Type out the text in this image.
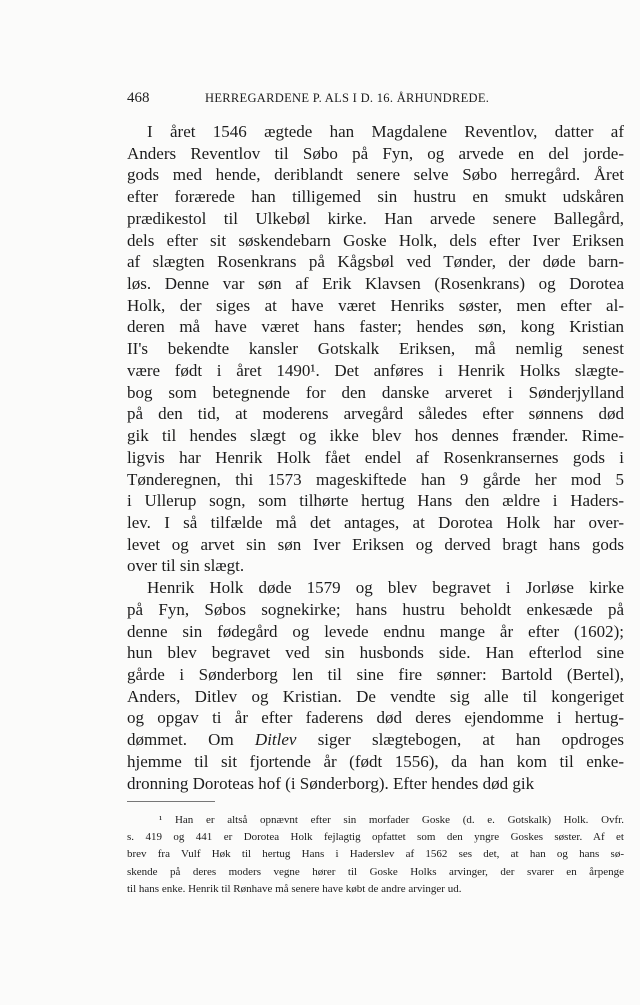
468	HERREGARDENE P. ALS I D. 16. ÅRHUNDREDE.
I året 1546 ægtede han Magdalene Reventlov, datter af
Anders Reventlov til Søbo på Fyn, og arvede en del jorde-
gods med hende, deriblandt senere selve Søbo herregård. Året
efter forærede han tilligemed sin hustru en smukt udskåren
prædikestol til Ulkebøl kirke. Han arvede senere Ballegård,
dels efter sit søskendebarn Goske Holk, dels efter Iver Eriksen
af slægten Rosenkrans på Kågsbøl ved Tønder, der døde barn-
løs. Denne var søn af Erik Klavsen (Rosenkrans) og Dorotea
Holk, der siges at have været Henriks søster, men efter al-
deren må have været hans faster; hendes søn, kong Kristian
II's bekendte kansler Gotskalk Eriksen, må nemlig senest
være født i året 1490¹. Det anføres i Henrik Holks slægte-
bog som betegnende for den danske arveret i Sønderjylland
på den tid, at moderens arvegård således efter sønnens død
gik til hendes slægt og ikke blev hos dennes frænder. Rime-
ligvis har Henrik Holk fået endel af Rosenkransernes gods i
Tønderegnen, thi 1573 mageskiftede han 9 gårde her mod 5
i Ullerup sogn, som tilhørte hertug Hans den ældre i Haders-
lev. I så tilfælde må det antages, at Dorotea Holk har over-
levet og arvet sin søn Iver Eriksen og derved bragt hans gods
over til sin slægt.
Henrik Holk døde 1579 og blev begravet i Jorløse kirke
på Fyn, Søbos sognekirke; hans hustru beholdt enkesæde på
denne sin fødegård og levede endnu mange år efter (1602);
hun blev begravet ved sin husbonds side. Han efterlod sine
gårde i Sønderborg len til sine fire sønner: Bartold (Bertel),
Anders, Ditlev og Kristian. De vendte sig alle til kongeriget
og opgav ti år efter faderens død deres ejendomme i hertug-
dømmet. Om Ditlev siger slægtebogen, at han opdroges
hjemme til sit fjortende år (født 1556), da han kom til enke-
dronning Doroteas hof (i Sønderborg). Efter hendes død gik
¹ Han er altså opnævnt efter sin morfader Goske (d. e. Gotskalk) Holk. Ovfr.
s. 419 og 441 er Dorotea Holk fejlagtig opfattet som den yngre Goskes søster. Af et
brev fra Vulf Høk til hertug Hans i Haderslev af 1562 ses det, at han og hans sø-
skende på deres moders vegne hører til Goske Holks arvinger, der svarer en årpenge
til hans enke. Henrik til Rønhave må senere have købt de andre arvinger ud.
